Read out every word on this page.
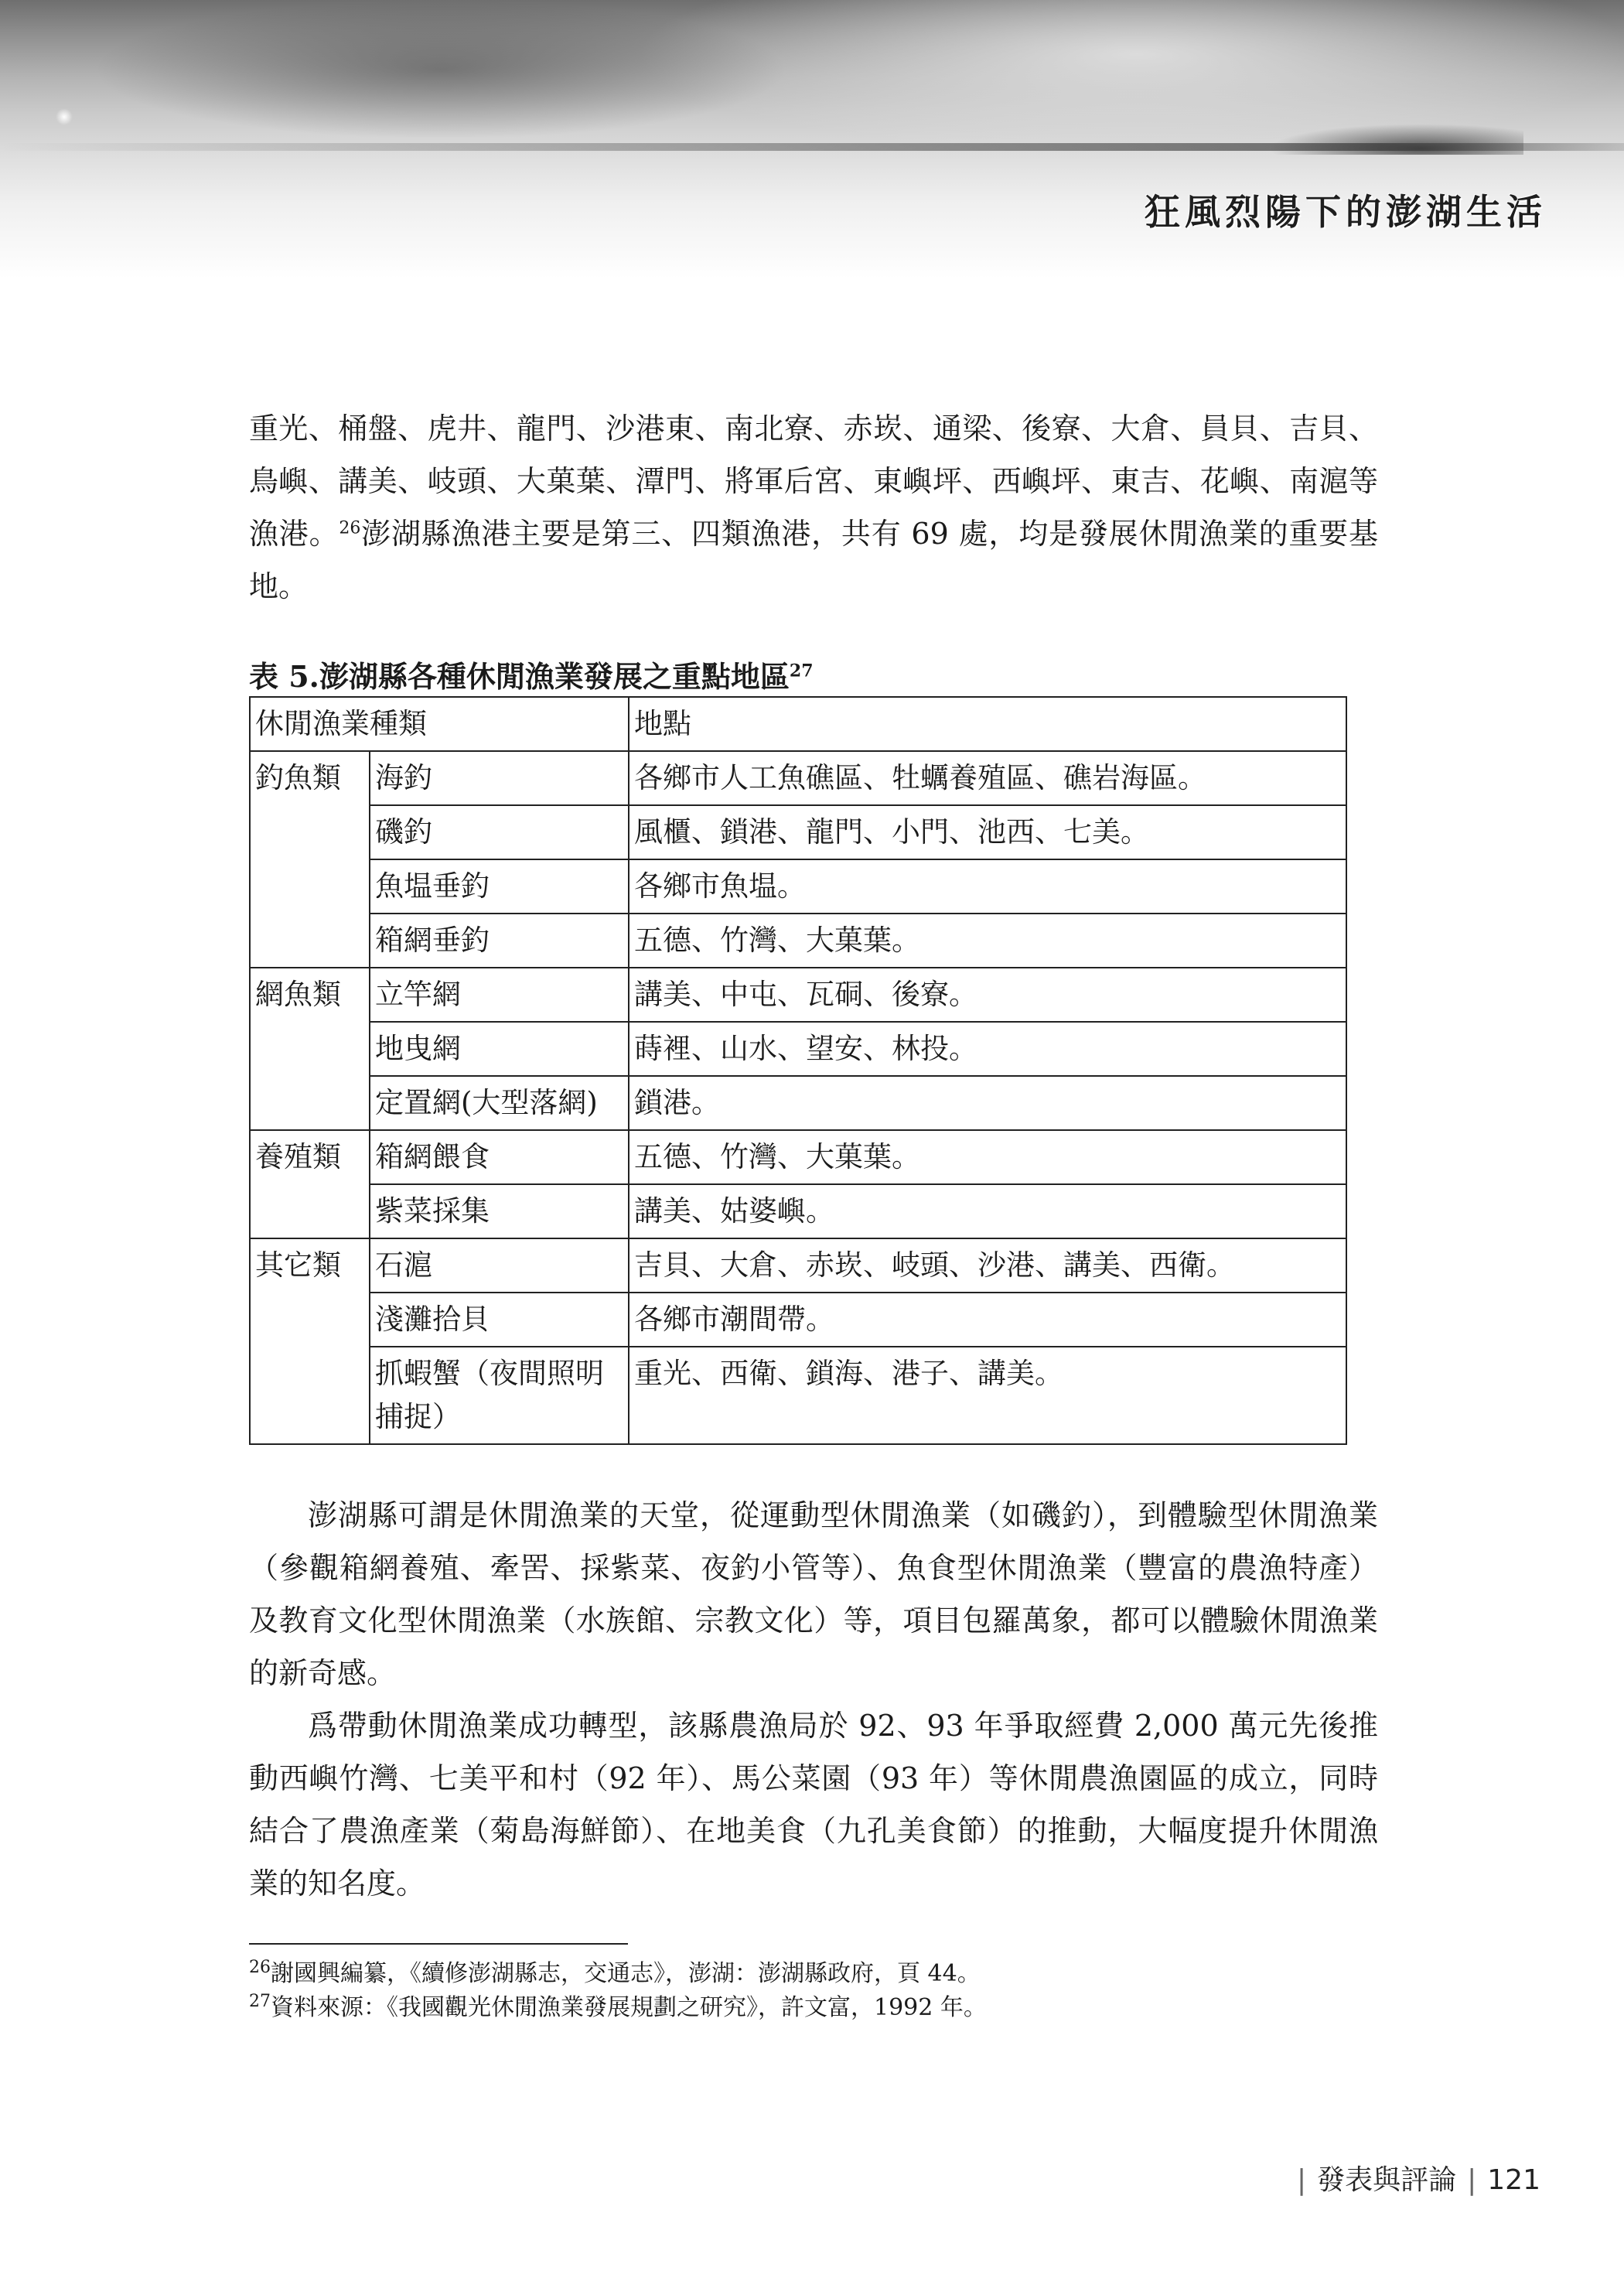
狂風烈陽下的澎湖生活

重光、桶盤、虎井、龍門、沙港東、南北寮、赤崁、通梁、後寮、大倉、員貝、吉貝、鳥嶼、講美、岐頭、大菓葉、潭門、將軍后宮、東嶼坪、西嶼坪、東吉、花嶼、南滬等漁港。$^{26}$澎湖縣漁港主要是第三、四類漁港，共有 69 處，均是發展休閒漁業的重要基地。

表 5.澎湖縣各種休閒漁業發展之重點地區$^{27}$

休閒漁業種類		地點
釣魚類	海釣	各鄉市人工魚礁區、牡蠣養殖區、礁岩海區。
	磯釣	風櫃、鎖港、龍門、小門、池西、七美。
	魚塭垂釣	各鄉市魚塭。
	箱網垂釣	五德、竹灣、大菓葉。
網魚類	立竿網	講美、中屯、瓦硐、後寮。
	地曳網	蒔裡、山水、望安、林投。
	定置網(大型落網)	鎖港。
養殖類	箱網餵食	五德、竹灣、大菓葉。
	紫菜採集	講美、姑婆嶼。
其它類	石滬	吉貝、大倉、赤崁、岐頭、沙港、講美、西衛。
	淺灘拾貝	各鄉市潮間帶。
	抓蝦蟹（夜間照明捕捉）	重光、西衛、鎖海、港子、講美。

澎湖縣可謂是休閒漁業的天堂，從運動型休閒漁業（如磯釣），到體驗型休閒漁業（參觀箱網養殖、牽罟、採紫菜、夜釣小管等）、魚食型休閒漁業（豐富的農漁特產）及教育文化型休閒漁業（水族館、宗教文化）等，項目包羅萬象，都可以體驗休閒漁業的新奇感。

爲帶動休閒漁業成功轉型，該縣農漁局於 92、93 年爭取經費 2,000 萬元先後推動西嶼竹灣、七美平和村（92 年）、馬公菜園（93 年）等休閒農漁園區的成立，同時結合了農漁產業（菊島海鮮節）、在地美食（九孔美食節）的推動，大幅度提升休閒漁業的知名度。

$^{26}$謝國興編纂，《續修澎湖縣志，交通志》，澎湖：澎湖縣政府，頁 44。

$^{27}$資料來源：《我國觀光休閒漁業發展規劃之研究》，許文富，1992 年。

| 發表與評論 | 121
